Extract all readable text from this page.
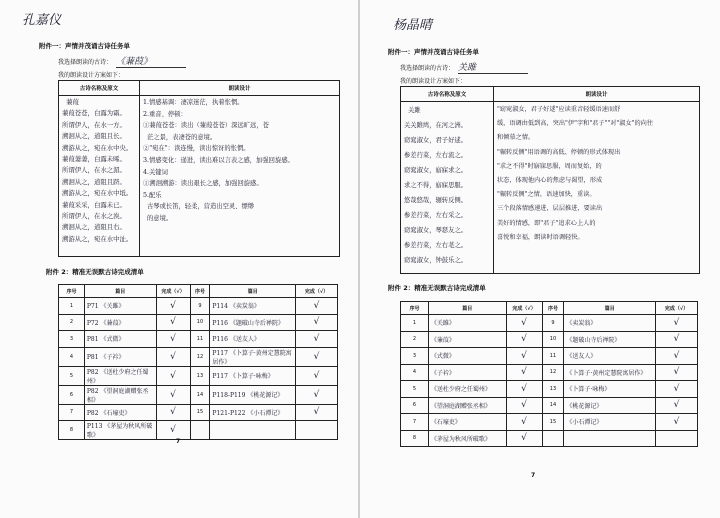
孔嘉仪
附件一：声情并茂诵古诗任务单
我选择朗读的古诗： 《蒹葭》
我的朗读设计方案如下：
古诗名称及原文	朗读设计
蒹葭
蒹葭苍苍，白露为霜。
所谓伊人，在水一方。
溯洄从之，道阻且长。
溯游从之，宛在水中央。
蒹葭萋萋，白露未晞。
所谓伊人，在水之湄。
溯洄从之，道阻且跻。
溯游从之，宛在水中坻。
蒹葭采采，白露未已。
所谓伊人，在水之涘。
溯洄从之，道阻且右。
溯游从之，宛在水中沚。
1.情感基调：凄凉迷茫，执着怅惘。
2.重音、停顿：
①蒹葭苍苍：读出（蒹葭苍苍）深远旷远，苍
茫之景，表凄苍的意境。
②"宛在"：读连慢，读出惊讶的怅惘。
3.情感变化：递进，读出难以言表之感，加强回旋感。
4.关键词
①溯洄溯游：读出艰长之感，加强回旋感。
5.配乐
古琴或长笛，轻柔，营造出空灵、缥缈
的意境。
附件 2：精准无误默古诗完成清单
序号	篇目	完成（√）	序号	篇目	完成（√）
1	P71 《关雎》	√	9	P114 《卖炭翁》	√
2	P72 《蒹葭》	√	10	P116 《题破山寺后禅院》	√
3	P81 《式微》	√	11	P116 《送友人》	√
4	P81 《子衿》	√	12	P117 《卜算子·黄州定慧院寓居作》	√
5	P82 《送杜少府之任蜀州》	√	13	P117 《卜算子·咏梅》	√
6	P82 《望洞庭湖赠张丞相》	√	14	P118-P119 《桃花源记》	√
7	P82 《石壕吏》	√	15	P121-P122 《小石潭记》	√
8	P113 《茅屋为秋风所破歌》	√			
7
杨晶晴
附件一：声情并茂诵古诗任务单
我选择朗读的古诗： 关雎
我的朗读设计方案如下：
古诗名称及原文	朗读设计
关雎
关关雎鸠，在河之洲。
窈窕淑女，君子好逑。
参差荇菜，左右流之。
窈窕淑女，寤寐求之。
求之不得，寤寐思服。
悠哉悠哉，辗转反侧。
参差荇菜，左右采之。
窈窕淑女，琴瑟友之。
参差荇菜，左右芼之。
窈窕淑女，钟鼓乐之。
"窈窕淑女，君子好逑"应读重音轻缓语速而舒
缓，语调由低到高，突出"伊"字和"君子""对"淑女"的向往
和倾慕之情。
"辗转反侧"用语调的高低、停顿的形式体现出
"求之不得"时寤寐思服，周而复始，的
状态，体现他内心的焦虑与渴望，形成
"辗转反侧"之情，语速加快，重读。
三个段落情感递进，层层推进，要读出
美好的情感，即"君子"追求心上人的
喜悦和幸福，朗读时语调轻快。
附件 2：精准无误默古诗完成清单
序号	篇目	完成（√）	序号	篇目	完成（√）
1	《关雎》	√	9	《卖炭翁》	√
2	《蒹葭》	√	10	《题破山寺后禅院》	√
3	《式微》	√	11	《送友人》	√
4	《子衿》	√	12	《卜算子·黄州定慧院寓居作》	√
5	《送杜少府之任蜀州》	√	13	《卜算子·咏梅》	√
6	《望洞庭湖赠张丞相》	√	14	《桃花源记》	√
7	《石壕吏》	√	15	《小石潭记》	√
8	《茅屋为秋风所破歌》	√			
7
